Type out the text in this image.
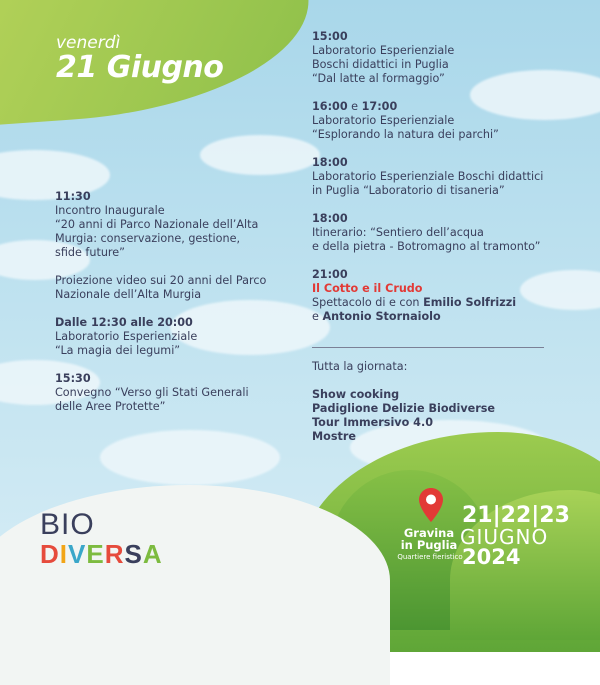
venerdì
21 Giugno
11:30
Incontro Inaugurale
“20 anni di Parco Nazionale dell’Alta
Murgia: conservazione, gestione,
sfide future”
Proiezione video sui 20 anni del Parco
Nazionale dell’Alta Murgia
Dalle 12:30 alle 20:00
Laboratorio Esperienziale
“La magia dei legumi”
15:30
Convegno “Verso gli Stati Generali
delle Aree Protette”
15:00
Laboratorio Esperienziale
Boschi didattici in Puglia
“Dal latte al formaggio”
16:00 e 17:00
Laboratorio Esperienziale
“Esplorando la natura dei parchi”
18:00
Laboratorio Esperienziale Boschi didattici
in Puglia “Laboratorio di tisaneria”
18:00
Itinerario: “Sentiero dell’acqua
e della pietra - Botromagno al tramonto”
21:00
Il Cotto e il Crudo
Spettacolo di e con Emilio Solfrizzi
e Antonio Stornaiolo
Tutta la giornata:
Show cooking
Padiglione Delizie Biodiverse
Tour Immersivo 4.0
Mostre
BIO
DIVERSA
Gravina
in Puglia
Quartiere fieristico
21|22|23
GIUGNO
2024
